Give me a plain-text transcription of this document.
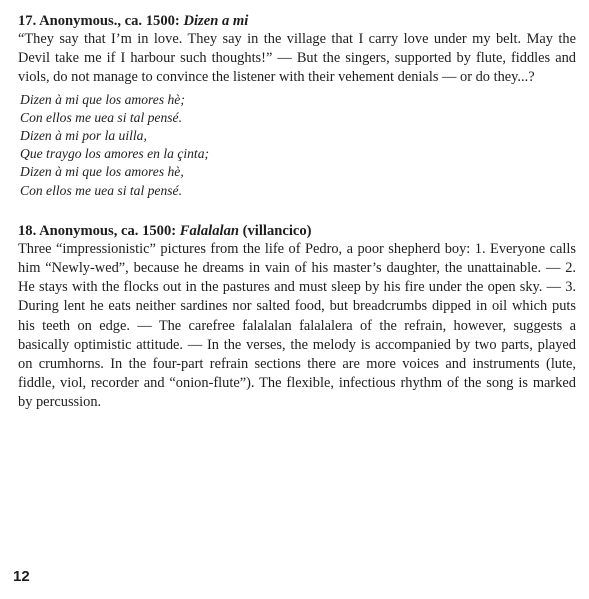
17. Anonymous., ca. 1500: Dizen a mi

“They say that I’m in love. They say in the village that I carry love under my belt. May the Devil take me if I harbour such thoughts!” — But the singers, supported by flute, fiddles and viols, do not manage to convince the listener with their vehement denials — or do they...?

Dizen à mi que los amores hè;
Con ellos me uea si tal pensé.
Dizen à mi por la uilla,
Que traygo los amores en la çinta;
Dizen à mi que los amores hè,
Con ellos me uea si tal pensé.
18. Anonymous, ca. 1500: Falalalan (villancico)

Three “impressionistic” pictures from the life of Pedro, a poor shepherd boy: 1. Everyone calls him “Newly-wed”, because he dreams in vain of his master’s daughter, the unattainable. — 2. He stays with the flocks out in the pastures and must sleep by his fire under the open sky. — 3. During lent he eats neither sardines nor salted food, but breadcrumbs dipped in oil which puts his teeth on edge. — The carefree falalalan falalalera of the refrain, however, suggests a basically optimistic attitude. — In the verses, the melody is accompanied by two parts, played on crumhorns. In the four-part refrain sections there are more voices and instruments (lute, fiddle, viol, recorder and “onion-flute”). The flexible, infectious rhythm of the song is marked by percussion.

12
